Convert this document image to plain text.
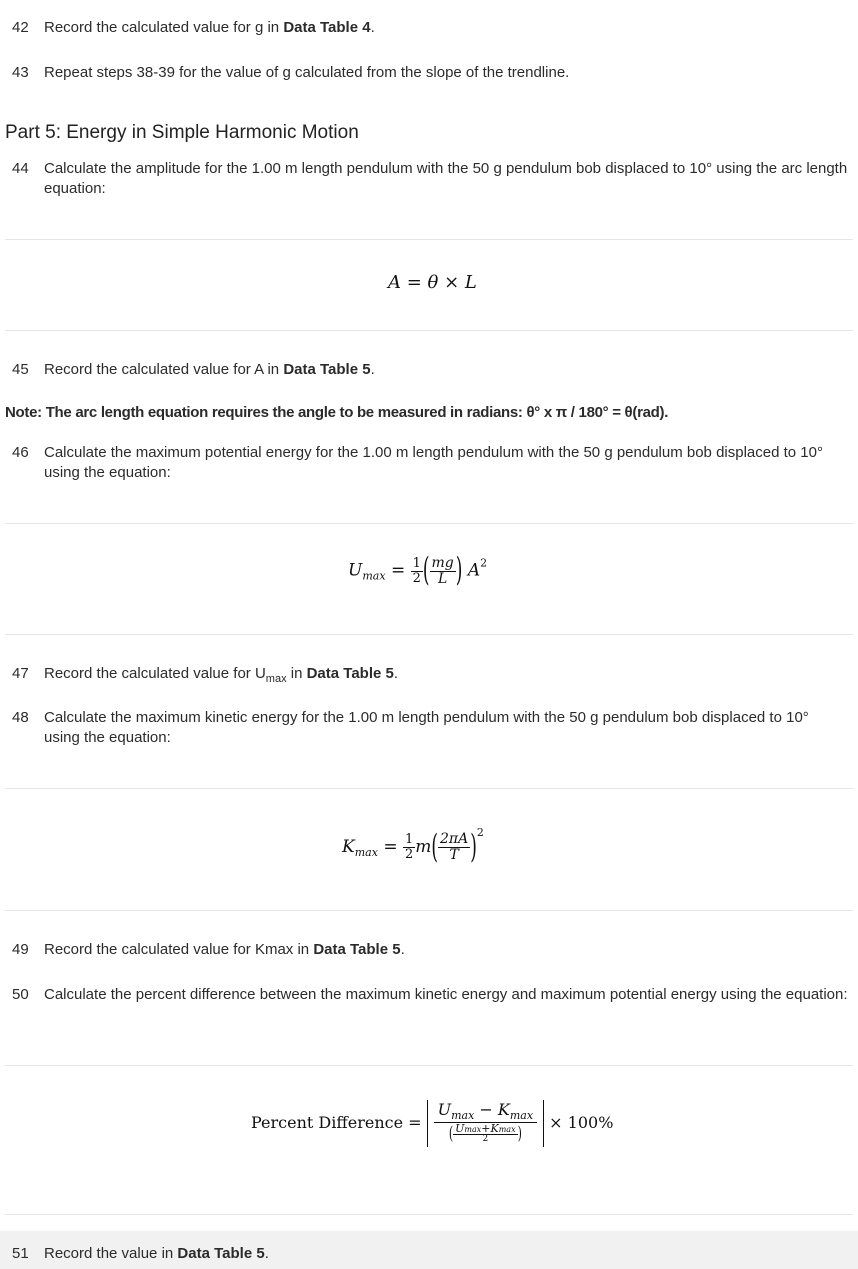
42	Record the calculated value for g in Data Table 4.
43	Repeat steps 38-39 for the value of g calculated from the slope of the trendline.
Part 5: Energy in Simple Harmonic Motion
44	Calculate the amplitude for the 1.00 m length pendulum with the 50 g pendulum bob displaced to 10° using the arc length equation:
A = θ × L
45	Record the calculated value for A in Data Table 5.
Note: The arc length equation requires the angle to be measured in radians: θ° x π / 180° = θ(rad).
46	Calculate the maximum potential energy for the 1.00 m length pendulum with the 50 g pendulum bob displaced to 10° using the equation:
$U_{max} = \frac{1}{2}$ ( $\frac{mg}{L}$ ) $A^2$
47	Record the calculated value for $U_{max}$ in Data Table 5.
48	Calculate the maximum kinetic energy for the 1.00 m length pendulum with the 50 g pendulum bob displaced to 10° using the equation:
$K_{max} = \frac{1}{2} m( \frac{2\pi A}{T} )^2$
49	Record the calculated value for Kmax in Data Table 5.
50	Calculate the percent difference between the maximum kinetic energy and maximum potential energy using the equation:
Percent Difference = $\frac{U_{max} - K_{max}}{( \frac{Umax+Kmax}{2} )} \times 100\%$
51	Record the value in Data Table 5.
